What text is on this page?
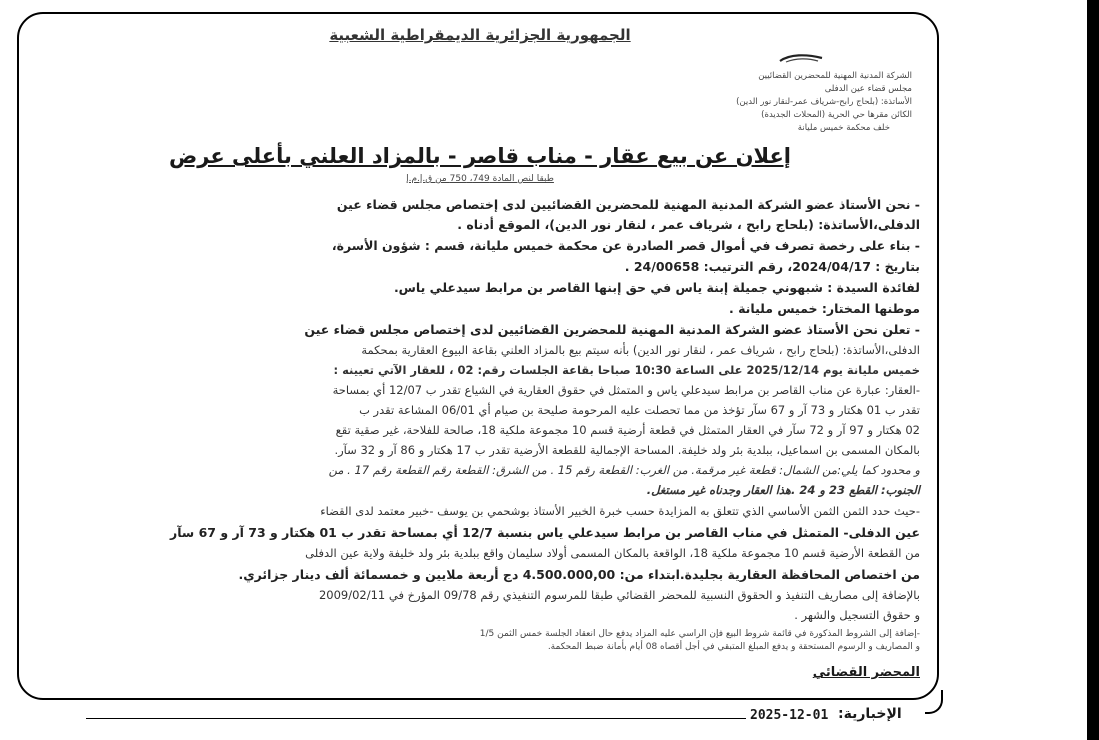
2025-12-01 الإخبارية:
الجمهورية الجزائرية الديمقراطية الشعبية
الشركة المدنية المهنية للمحضرين القضائيين
مجلس قضاء عين الدفلى
الأساتذة: (بلحاج رابح-شرياف عمر-لنقار نور الدين)
الكائن مقرها حي الحرية (المحلات الجديدة)
خلف محكمة خميس مليانة
إعلان عن بيع عقار - مناب قاصر - بالمزاد العلني بأعلى عرض
طبقا لنص المادة 749، 750 من ق.إ.م.إ
- نحن الأستاذ عضو الشركة المدنية المهنية للمحضرين القضائيين لدى إختصاص مجلس قضاء عين
الدفلى،الأساتذة: (بلحاج رابح ، شرياف عمر ، لنقار نور الدين)، الموقع أدناه .
- بناء على رخصة تصرف في أموال قصر الصادرة عن محكمة خميس مليانة، قسم : شؤون الأسرة،
بتاريخ : 2024/04/17، رقم الترتيب: 24/00658 .
لفائدة السيدة : شبهوني جميلة إبنة ياس في حق إبنها القاصر بن مرابط سيدعلي ياس.
موطنها المختار: خميس مليانة .
- تعلن نحن الأستاذ عضو الشركة المدنية المهنية للمحضرين القضائيين لدى إختصاص مجلس قضاء عين
الدفلى،الأساتذة: (بلحاج رابح ، شرياف عمر ، لنقار نور الدين) بأنه سيتم بيع بالمزاد العلني بقاعة البيوع العقارية بمحكمة
خميس مليانة يوم 2025/12/14 على الساعة 10:30 صباحا بقاعة الجلسات رقم: 02 ، للعقار الآتي تعيينه :
-العقار: عبارة عن مناب القاصر بن مرابط سيدعلي ياس و المتمثل في حقوق العقارية في الشياع تقدر ب 12/07 أي بمساحة
تقدر ب 01 هكتار و 73 آر و 67 سآر تؤخذ من مما تحصلت عليه المرحومة صليحة بن صيام أي 06/01 المشاعة تقدر ب
02 هكتار و 97 آر و 72 سآر في العقار المتمثل في قطعة أرضية قسم 10 مجموعة ملكية 18، صالحة للفلاحة، غير صقية تقع
بالمكان المسمى بن اسماعيل، ببلدية بئر ولد خليفة. المساحة الإجمالية للقطعة الأرضية تقدر ب 17 هكتار و 86 آر و 32 سآر.
و محدود كما يلي:من الشمال: قطعة غير مرقمة. من الغرب: القطعة رقم 15 . من الشرق: القطعة رقم القطعة رقم 17 . من
الجنوب: القطع 23 و 24 .هذا العقار وجدناه غير مستغل.
-حيث حدد الثمن الثمن الأساسي الذي تتعلق به المزايدة حسب خبرة الخبير الأستاذ بوشحمي بن يوسف -خبير معتمد لدى القضاء
عين الدفلى- المتمثل في مناب القاصر بن مرابط سيدعلي ياس بنسبة 12/7 أي بمساحة تقدر ب 01 هكتار و 73 آر و 67 سآر
من القطعة الأرضية قسم 10 مجموعة ملكية 18، الواقعة بالمكان المسمى أولاد سليمان واقع ببلدية بئر ولد خليفة ولاية عين الدفلى
من اختصاص المحافظة العقارية بجليدة.ابتداء من: 4.500.000,00 دج أربعة ملايين و خمسمائة ألف دينار جزائري.
بالإضافة إلى مصاريف التنفيذ و الحقوق النسبية للمحضر القضائي طبقا للمرسوم التنفيذي رقم 09/78 المؤرخ في 2009/02/11
و حقوق التسجيل والشهر .
-إضافة إلى الشروط المذكورة في قائمة شروط البيع فإن الراسي عليه المزاد يدفع حال انعقاد الجلسة خمس الثمن 1/5
و المصاريف و الرسوم المستحقة و يدفع المبلغ المتبقي في أجل أقصاه 08 أيام بأمانة ضبط المحكمة.
المحضر القضائي
